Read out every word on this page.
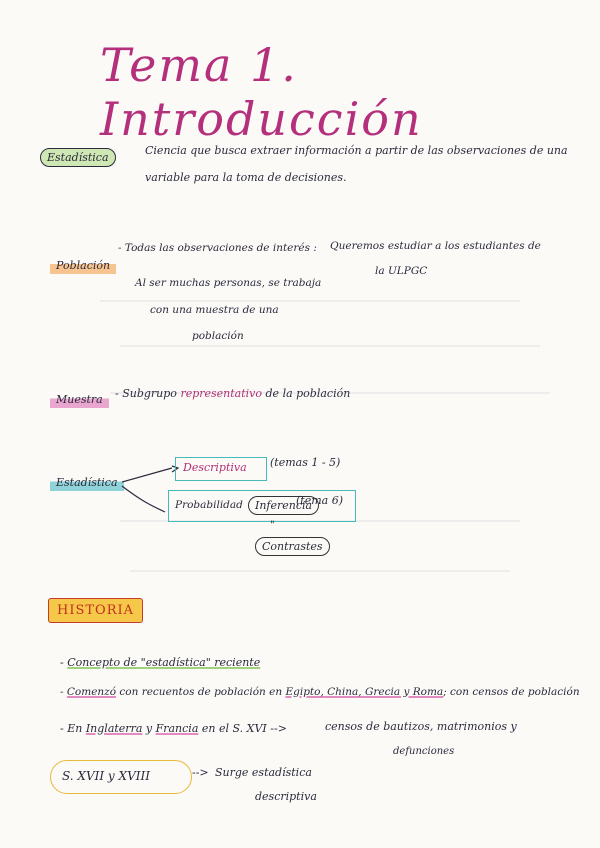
Tema 1. Introducción
Estadística
Ciencia que busca extraer información a partir de las observaciones de una
variable para la toma de decisiones.
Población
- Todas las observaciones de interés : Queremos estudiar a los estudiantes de
la ULPGC
Al ser muchas personas, se trabaja
con una muestra de una
población
Muestra	- Subgrupo representativo de la población
Estadística
Descriptiva (temas 1 - 5)
Probabilidad	Inferencia
(tema 6)
"
Contrastes
HISTORIA
- Concepto de "estadística" reciente
- Comenzó con recuentos de población en Egipto, China, Grecia y Roma; con censos de población
- En Inglaterra y Francia en el S. XVI -->	censos de bautizos, matrimonios y
defunciones
S. XVII y XVIII	--> Surge estadística
descriptiva
